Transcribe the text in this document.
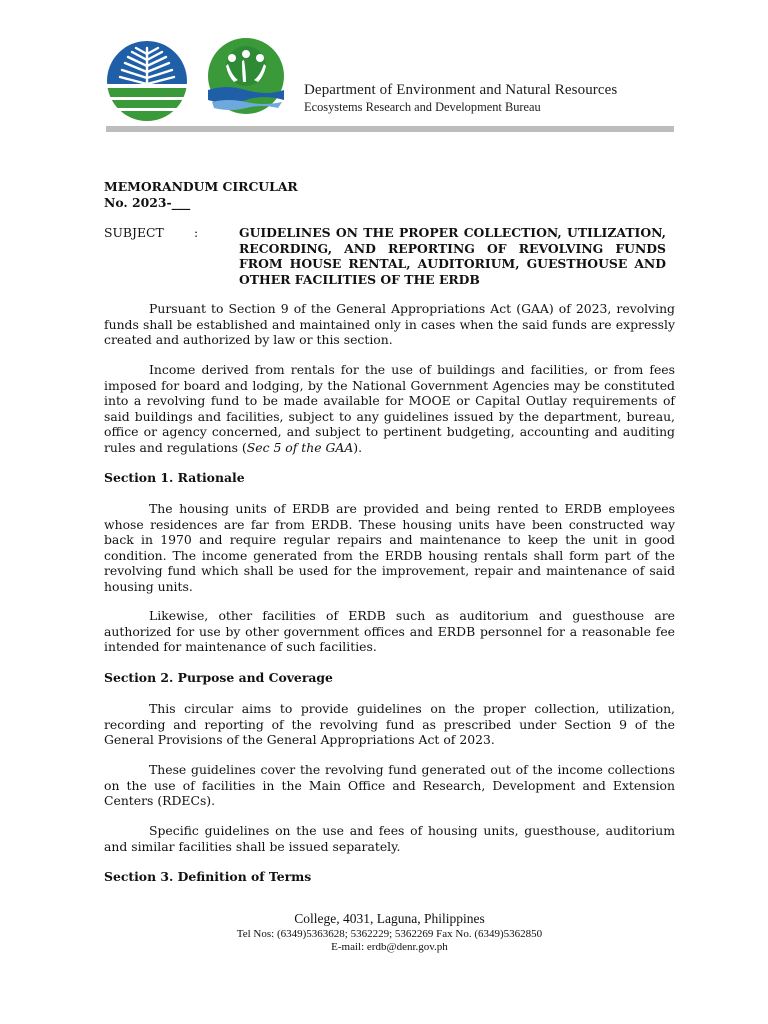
Department of Environment and Natural Resources
Ecosystems Research and Development Bureau
MEMORANDUM CIRCULAR
No. 2023-___
SUBJECT :	GUIDELINES ON THE PROPER COLLECTION, UTILIZATION, RECORDING, AND REPORTING OF REVOLVING FUNDS FROM HOUSE RENTAL, AUDITORIUM, GUESTHOUSE AND OTHER FACILITIES OF THE ERDB
Pursuant to Section 9 of the General Appropriations Act (GAA) of 2023, revolving funds shall be established and maintained only in cases when the said funds are expressly created and authorized by law or this section.
Income derived from rentals for the use of buildings and facilities, or from fees imposed for board and lodging, by the National Government Agencies may be constituted into a revolving fund to be made available for MOOE or Capital Outlay requirements of said buildings and facilities, subject to any guidelines issued by the department, bureau, office or agency concerned, and subject to pertinent budgeting, accounting and auditing rules and regulations (Sec 5 of the GAA).
Section 1. Rationale
The housing units of ERDB are provided and being rented to ERDB employees whose residences are far from ERDB. These housing units have been constructed way back in 1970 and require regular repairs and maintenance to keep the unit in good condition. The income generated from the ERDB housing rentals shall form part of the revolving fund which shall be used for the improvement, repair and maintenance of said housing units.
Likewise, other facilities of ERDB such as auditorium and guesthouse are authorized for use by other government offices and ERDB personnel for a reasonable fee intended for maintenance of such facilities.
Section 2. Purpose and Coverage
This circular aims to provide guidelines on the proper collection, utilization, recording and reporting of the revolving fund as prescribed under Section 9 of the General Provisions of the General Appropriations Act of 2023.
These guidelines cover the revolving fund generated out of the income collections on the use of facilities in the Main Office and Research, Development and Extension Centers (RDECs).
Specific guidelines on the use and fees of housing units, guesthouse, auditorium and similar facilities shall be issued separately.
Section 3. Definition of Terms
College, 4031, Laguna, Philippines
Tel Nos: (6349)5363628; 5362229; 5362269 Fax No. (6349)5362850
E-mail: erdb@denr.gov.ph
